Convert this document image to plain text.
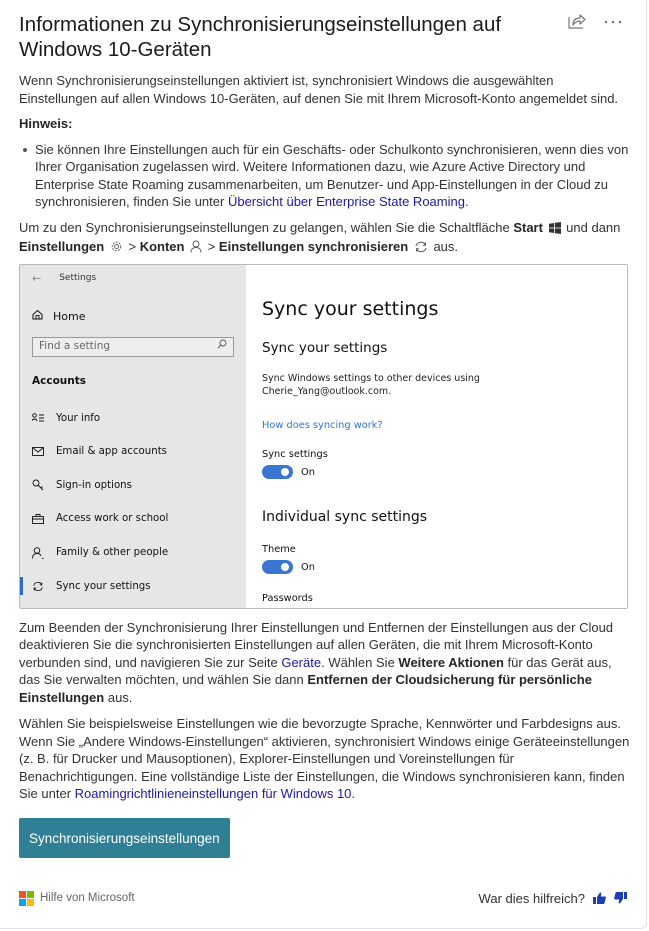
Informationen zu Synchronisierungseinstellungen auf Windows 10-Geräten
···

Wenn Synchronisierungseinstellungen aktiviert ist, synchronisiert Windows die ausgewählten Einstellungen auf allen Windows 10-Geräten, auf denen Sie mit Ihrem Microsoft-Konto angemeldet sind.

Hinweis:

Sie können Ihre Einstellungen auch für ein Geschäfts- oder Schulkonto synchronisieren, wenn dies von Ihrer Organisation zugelassen wird. Weitere Informationen dazu, wie Azure Active Directory und Enterprise State Roaming zusammenarbeiten, um Benutzer- und App-Einstellungen in der Cloud zu synchronisieren, finden Sie unter Übersicht über Enterprise State Roaming.

Um zu den Synchronisierungseinstellungen zu gelangen, wählen Sie die Schaltfläche Start  und dann
Einstellungen  > Konten  > Einstellungen synchronisieren  aus.

← Settings
Home
Find a setting
Accounts
Your info
Email & app accounts
Sign-in options
Access work or school
Family & other people
Sync your settings
Sync your settings
Sync your settings
Sync Windows settings to other devices using Cherie_Yang@outlook.com.
How does syncing work?
Sync settings
On
Individual sync settings
Theme
On
Passwords

Zum Beenden der Synchronisierung Ihrer Einstellungen und Entfernen der Einstellungen aus der Cloud deaktivieren Sie die synchronisierten Einstellungen auf allen Geräten, die mit Ihrem Microsoft-Konto verbunden sind, und navigieren Sie zur Seite Geräte. Wählen Sie Weitere Aktionen für das Gerät aus, das Sie verwalten möchten, und wählen Sie dann Entfernen der Cloudsicherung für persönliche Einstellungen aus.

Wählen Sie beispielsweise Einstellungen wie die bevorzugte Sprache, Kennwörter und Farbdesigns aus. Wenn Sie „Andere Windows-Einstellungen“ aktivieren, synchronisiert Windows einige Geräteeinstellungen (z. B. für Drucker und Mausoptionen), Explorer-Einstellungen und Voreinstellungen für Benachrichtigungen. Eine vollständige Liste der Einstellungen, die Windows synchronisieren kann, finden Sie unter Roamingrichtlinieneinstellungen für Windows 10.

Synchronisierungseinstellungen
Hilfe von Microsoft	War dies hilfreich?
